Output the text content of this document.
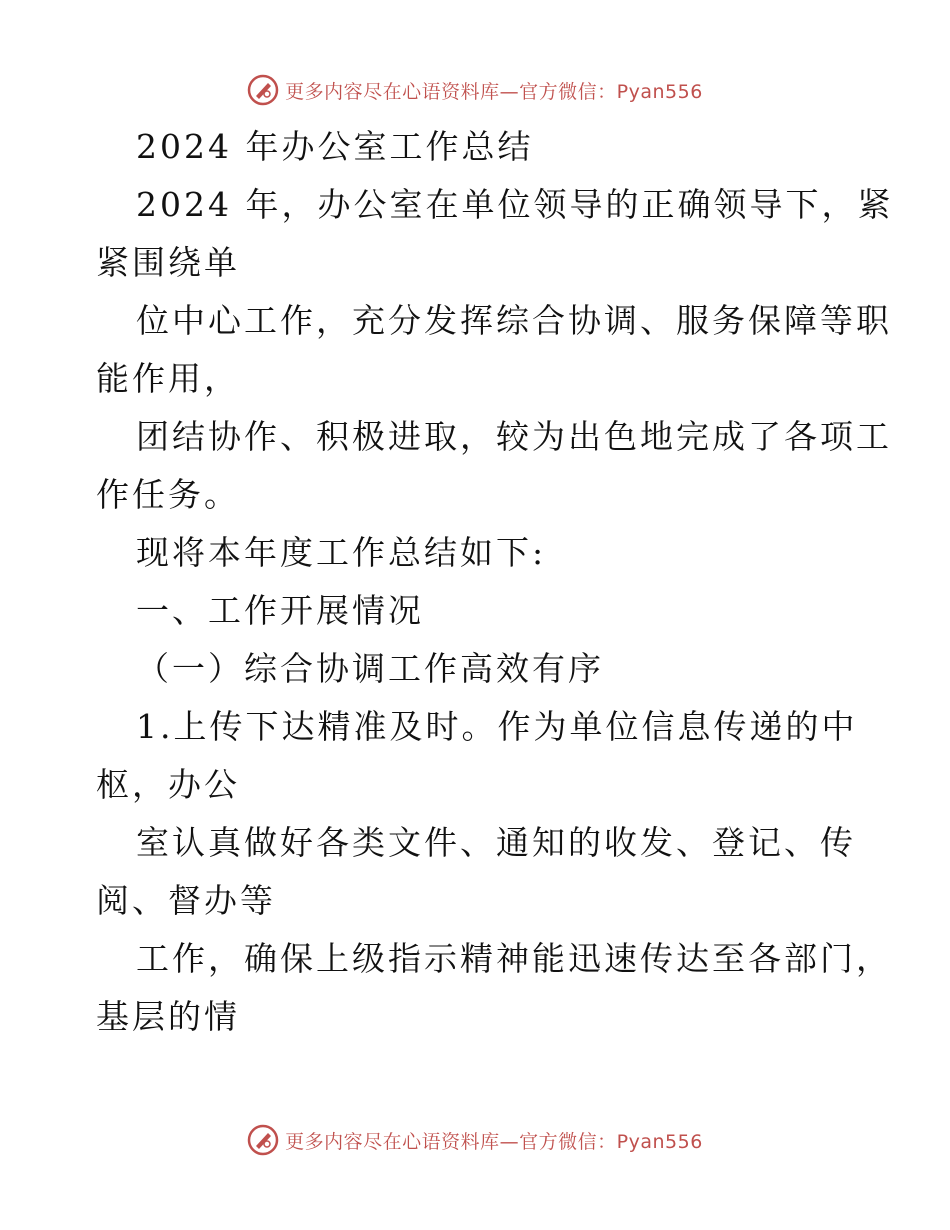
更多内容尽在心语资料库—官方微信：Pyan556
2024 年办公室工作总结
2024 年，办公室在单位领导的正确领导下，紧
紧围绕单
位中心工作，充分发挥综合协调、服务保障等职
能作用，
团结协作、积极进取，较为出色地完成了各项工
作任务。
现将本年度工作总结如下:
一、工作开展情况
（一）综合协调工作高效有序
1.上传下达精准及时。作为单位信息传递的中
枢，办公
室认真做好各类文件、通知的收发、登记、传
阅、督办等
工作，确保上级指示精神能迅速传达至各部门，
基层的情
更多内容尽在心语资料库—官方微信：Pyan556
